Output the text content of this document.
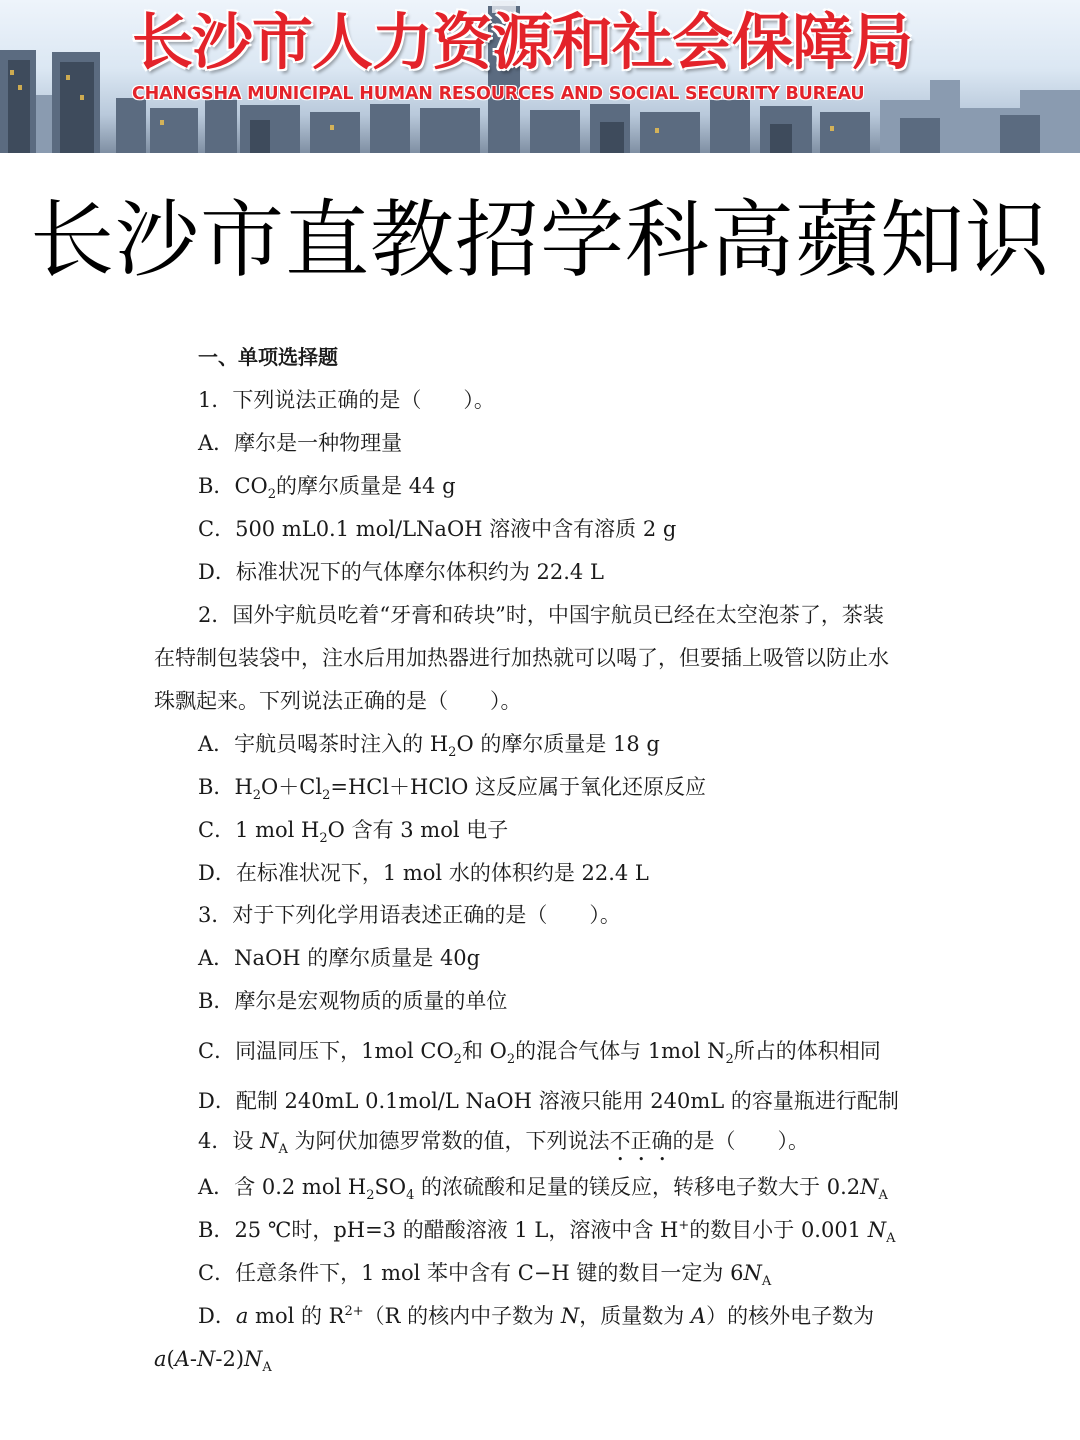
长沙市人力资源和社会保障局
CHANGSHA MUNICIPAL HUMAN RESOURCES AND SOCIAL SECURITY BUREAU
长沙市直教招学科高蘋知识
一、单项选择题
1．下列说法正确的是（　　）。
A．摩尔是一种物理量
B．$CO_2$的摩尔质量是 44 g
C．500 mL0.1 mol/LNaOH 溶液中含有溶质 2 g
D．标准状况下的气体摩尔体积约为 22.4 L
2．国外宇航员吃着“牙膏和砖块”时，中国宇航员已经在太空泡茶了，茶装
在特制包装袋中，注水后用加热器进行加热就可以喝了，但要插上吸管以防止水
珠飘起来。下列说法正确的是（　　）。
A．宇航员喝茶时注入的 $H_2O$ 的摩尔质量是 18 g
B．$H_2O+Cl_2=HCl+HClO$ 这反应属于氧化还原反应
C．1 mol $H_2O$ 含有 3 mol 电子
D．在标准状况下，1 mol 水的体积约是 22.4 L
3．对于下列化学用语表述正确的是（　　）。
A．NaOH 的摩尔质量是 40g
B．摩尔是宏观物质的质量的单位
C．同温同压下，1mol $CO_2$和 $O_2$的混合气体与 1mol $N_2$所占的体积相同
D．配制 240mL 0.1mol/L NaOH 溶液只能用 240mL 的容量瓶进行配制
4．设 $N_A$ 为阿伏加德罗常数的值，下列说法不正确的是（　　）。
A．含 0.2 mol $H_2SO_4$ 的浓硫酸和足量的镁反应，转移电子数大于 $0.2N_A$
B．25 ℃时，pH=3 的醋酸溶液 1 L，溶液中含 H+的数目小于 0.001 $N_A$
C．任意条件下，1 mol 苯中含有 C−H 键的数目一定为 $6N_A$
D．a mol 的 $R^{2+}(R$ 的核内中子数为 N，质量数为 A）的核外电子数为
$a(A-N-2)N_A$
